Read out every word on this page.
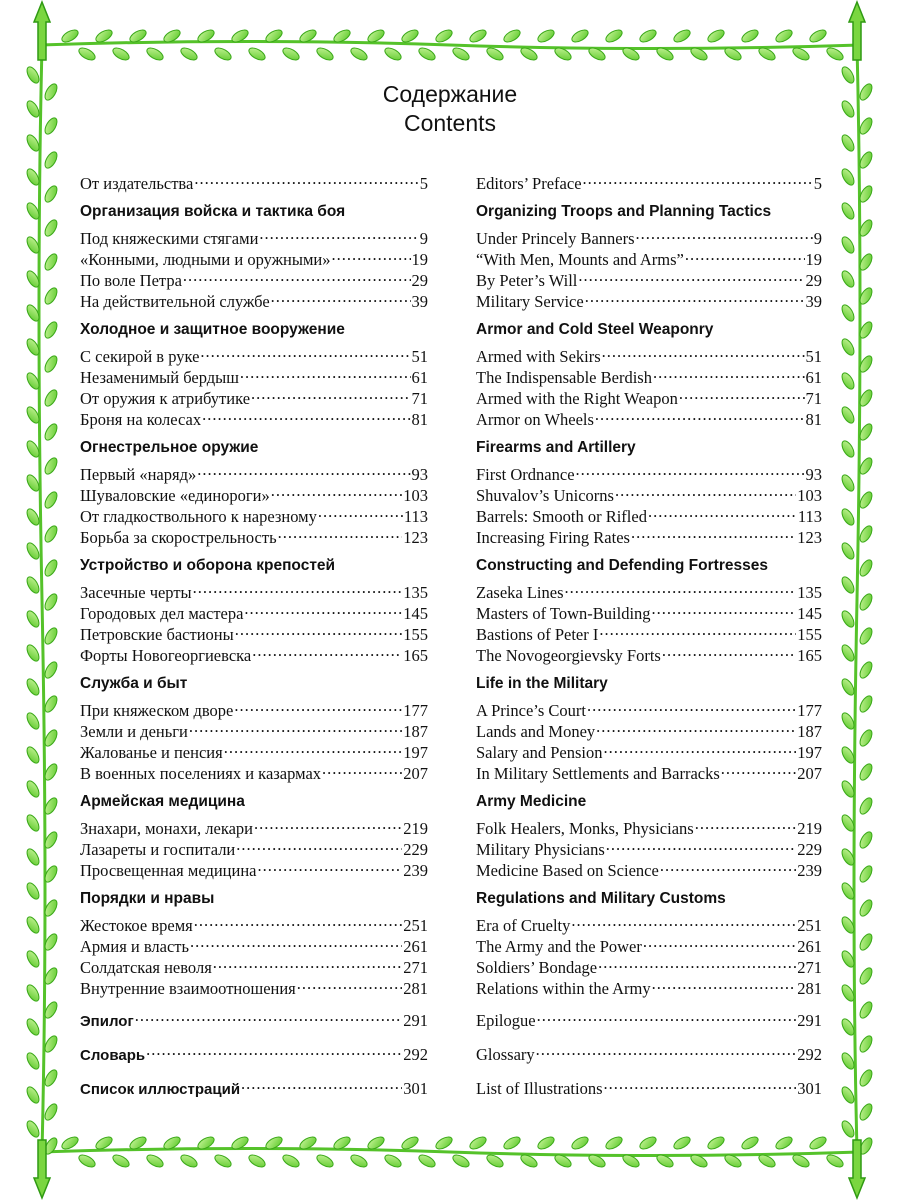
Содержание
Contents
От издательства .....	5
Организация войска и тактика боя
Под княжескими стягами .....	9
«Конными, людными и оружными» .....	19
По воле Петра .....	29
На действительной службе .....	39
Холодное и защитное вооружение
С секирой в руке .....	51
Незаменимый бердыш .....	61
От оружия к атрибутике .....	71
Броня на колесах .....	81
Огнестрельное оружие
Первый «наряд» .....	93
Шуваловские «единороги» .....	103
От гладкоствольного к нарезному .....	113
Борьба за скорострельность .....	123
Устройство и оборона крепостей
Засечные черты .....	135
Городовых дел мастера .....	145
Петровские бастионы .....	155
Форты Новогеоргиевска .....	165
Служба и быт
При княжеском дворе .....	177
Земли и деньги .....	187
Жалованье и пенсия .....	197
В военных поселениях и казармах .....	207
Армейская медицина
Знахари, монахи, лекари .....	219
Лазареты и госпитали .....	229
Просвещенная медицина .....	239
Порядки и нравы
Жестокое время .....	251
Армия и власть .....	261
Солдатская неволя .....	271
Внутренние взаимоотношения .....	281
Эпилог .....	291
Словарь .....	292
Список иллюстраций .....	301
Editors’ Preface .....	5
Organizing Troops and Planning Tactics
Under Princely Banners .....	9
“With Men, Mounts and Arms” .....	19
By Peter’s Will .....	29
Military Service .....	39
Armor and Cold Steel Weaponry
Armed with Sekirs .....	51
The Indispensable Berdish .....	61
Armed with the Right Weapon .....	71
Armor on Wheels .....	81
Firearms and Artillery
First Ordnance .....	93
Shuvalov’s Unicorns .....	103
Barrels: Smooth or Rifled .....	113
Increasing Firing Rates .....	123
Constructing and Defending Fortresses
Zaseka Lines .....	135
Masters of Town-Building .....	145
Bastions of Peter I .....	155
The Novogeorgievsky Forts .....	165
Life in the Military
A Prince’s Court .....	177
Lands and Money .....	187
Salary and Pension .....	197
In Military Settlements and Barracks .....	207
Army Medicine
Folk Healers, Monks, Physicians .....	219
Military Physicians .....	229
Medicine Based on Science .....	239
Regulations and Military Customs
Era of Cruelty .....	251
The Army and the Power .....	261
Soldiers’ Bondage .....	271
Relations within the Army .....	281
Epilogue .....	291
Glossary .....	292
List of Illustrations .....	301
